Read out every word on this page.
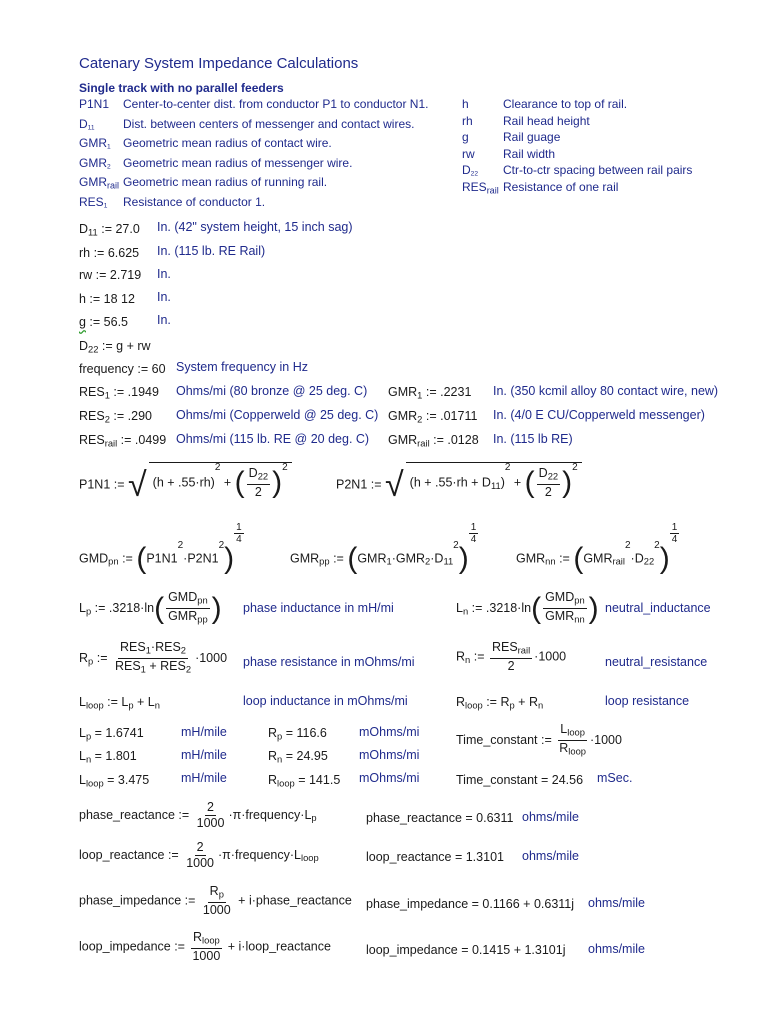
Catenary System Impedance Calculations
Single track with no parallel feeders
P1N1 Center-to-center dist. from conductor P1 to conductor N1.
$D_{11}$ Dist. between centers of messenger and contact wires.
$GMR_1$ Geometric mean radius of contact wire.
$GMR_2$ Geometric mean radius of messenger wire.
$GMR_{rail}$ Geometric mean radius of running rail.
$RES_1$ Resistance of conductor 1.
h	Clearance to top of rail.
rh	Rail head height
g	Rail guage
rw Rail width
$D_{22}$ Ctr-to-ctr spacing between rail pairs
$RES_{rail}$ Resistance of one rail
$D_{11}$ := 27.0 In. (42" system height, 15 inch sag)
rh := 6.625 In. (115 lb. RE Rail)
rw := 2.719 In.
h := 18 12 In.
g := 56.5 In.
$D_{22}$ := g + rw
frequency := 60 System frequency in Hz
$RES_1$ := .1949 Ohms/mi (80 bronze @ 25 deg. C)
$RES_2$ := .290 Ohms/mi (Copperweld @ 25 deg. C)
$RES_{rail}$ := .0499 Ohms/mi (115 lb. RE @ 20 deg. C)
$GMR_1$ := .2231 In. (350 kcmil alloy 80 contact wire, new)
$GMR_2$ := .01711 In. (4/0 E CU/Copperweld messenger)
$GMR_{rail}$ := .0128 In. (115 lb RE)
P1N1 := √ $(h + .55\cdot rh)^2$ + ( $\frac{D_{22}}{2} )^2$
P2N1 := √ $(h + .55\cdot rh + D_{11})^2$ + ( $\frac{D_{22}}{2} )^2$
$GMD_{pn}$ := $(P1N1^2\cdot P2N1^2)$
$\frac{1}{4}$
$GMR_{pp}$ := $(GMR_1\cdot GMR_2\cdot D_{11}^2)$
$\frac{1}{4}$
$GMR_{nn}$ := $(GMR_{rail}^2\cdot D_{22}^2)$
$\frac{1}{4}$
$L_p$ := $.3218\cdot\ln( \frac{GMD_{pn}}{GMR_{pp}}$ ) phase inductance in mH/mi	$L_n$ := $.3218\cdot\ln( \frac{GMD_{pn}}{GMR_{nn}}$ ) neutral_inductance
$R_p$ := $\frac{RES_1\cdot RES_2}{RES_1 + RES_2} \cdot 1000$ phase resistance in mOhms/mi	$R_n$ := $\frac{RES_{rail}}{2} \cdot 1000$	neutral_resistance
$L_{loop}$ := $L_p + L_n$	loop inductance in mOhms/mi	$R_{loop}$ := $R_p + R_n$	loop resistance
$L_p = 1.6741$	mH/mile
$L_n = 1.801$	mH/mile
$L_{loop} = 3.475$	mH/mile
$R_p = 116.6$	mOhms/mi
$R_n = 24.95$ mOhms/mi
$R_{loop} = 141.5$ mOhms/mi
Time_constant := $\frac{L_{loop}}{R_{loop}} \cdot 1000$
Time_constant = 24.56 mSec.
phase_reactance := $\frac{2}{1000}$ $\cdot\pi\cdot frequency\cdot L_p$	phase_reactance = 0.6311 ohms/mile
loop_reactance := $\frac{2}{1000}$ $\cdot\pi\cdot frequency\cdot L_{loop}$	loop_reactance = 1.3101 ohms/mile
phase_impedance := $\frac{R_p}{1000}$ + i·phase_reactance phase_impedance = 0.1166 + 0.6311j ohms/mile
loop_impedance := $\frac{R_{loop}}{1000}$ + i·loop_reactance	loop_impedance = 0.1415 + 1.3101j ohms/mile
